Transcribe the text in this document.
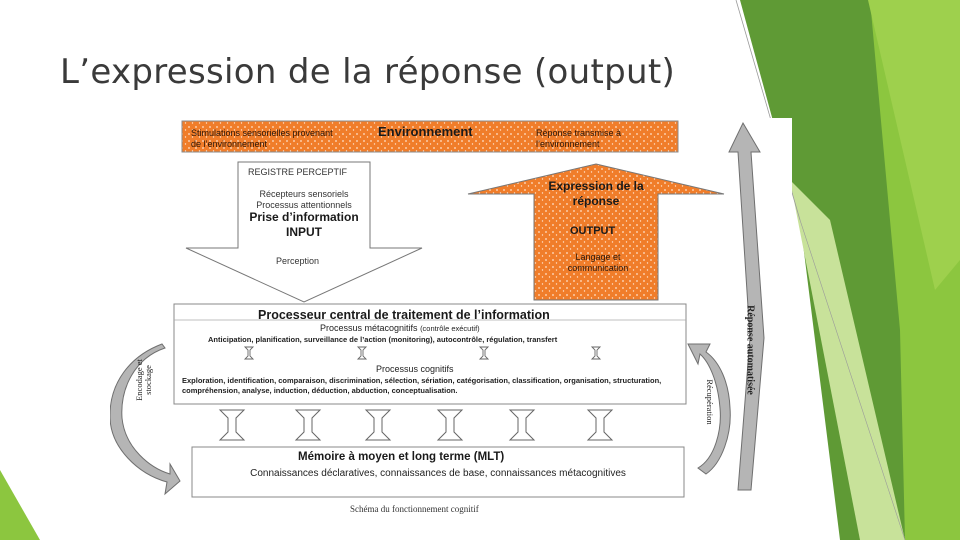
L’expression de la réponse (output)
Stimulations sensorielles provenant de l’environnement
Environnement	Réponse transmise à l’environnement
REGISTRE PERCEPTIF
Récepteurs sensoriels Processus attentionnels
Prise d’information INPUT
Perception
Expression de la réponse
OUTPUT
Langage et communication
Processeur central de traitement de l’information
Processus métacognitifs (contrôle exécutif)
Anticipation, planification, surveillance de l’action (monitoring), autocontrôle, régulation, transfert
Processus cognitifs
Exploration, identification, comparaison, discrimination, sélection, sériation, catégorisation, classification, organisation, structuration, compréhension, analyse, induction, déduction, abduction, conceptualisation.
Mémoire à moyen et long terme (MLT)
Connaissances déclaratives, connaissances de base, connaissances métacognitives
Réponse automatisée
Récupération
Encodage et stockage
Schéma du fonctionnement cognitif
